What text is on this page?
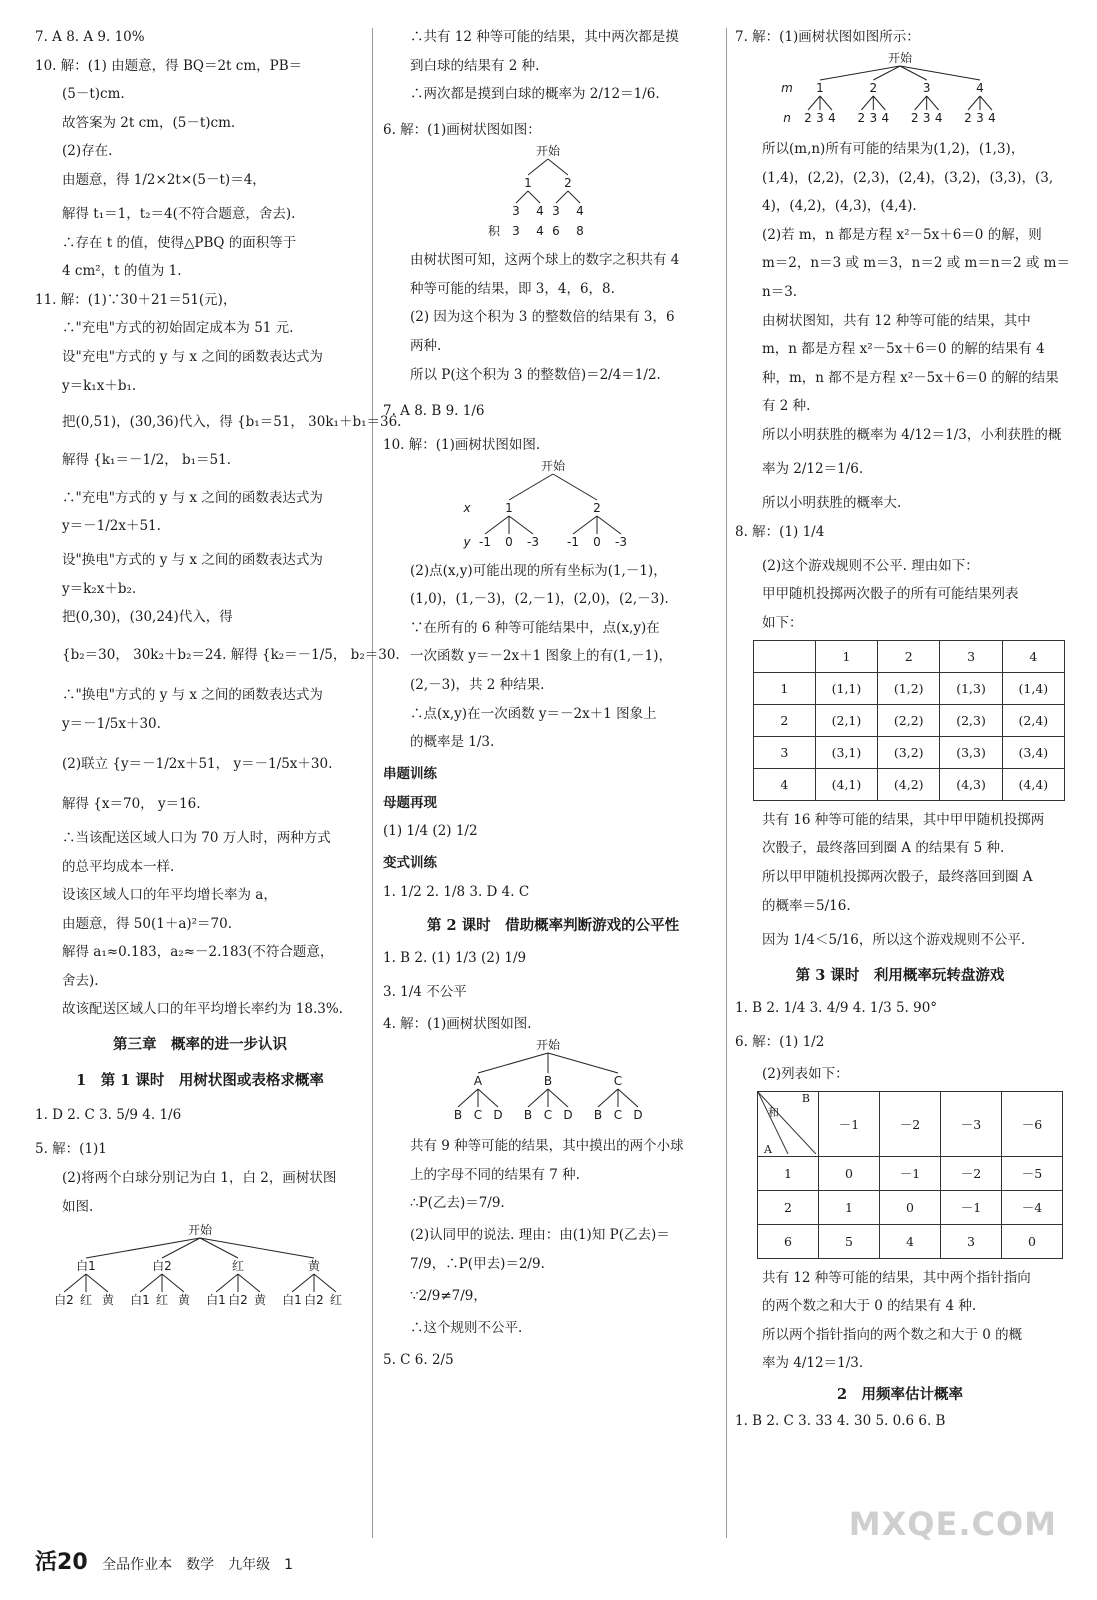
7. A 8. A 9. 10%
10. 解：(1) 由题意，得 BQ＝2t cm，PB＝
(5－t)cm.
故答案为 2t cm，(5－t)cm.
(2)存在.
由题意，得 1/2×2t×(5－t)＝4，
解得 t₁＝1，t₂＝4(不符合题意，舍去).
∴存在 t 的值，使得△PBQ 的面积等于
4 cm²，t 的值为 1.
11. 解：(1)∵30＋21＝51(元)，
∴"充电"方式的初始固定成本为 51 元.
设"充电"方式的 y 与 x 之间的函数表达式为
y＝k₁x＋b₁.
把(0,51)，(30,36)代入，得 {b₁＝51， 30k₁＋b₁＝36.
解得 {k₁＝－1/2， b₁＝51.
∴"充电"方式的 y 与 x 之间的函数表达式为
y＝－1/2x＋51.
设"换电"方式的 y 与 x 之间的函数表达式为
y＝k₂x＋b₂.
把(0,30)，(30,24)代入，得
{b₂＝30， 30k₂＋b₂＝24. 解得 {k₂＝－1/5， b₂＝30.
∴"换电"方式的 y 与 x 之间的函数表达式为
y＝－1/5x＋30.
(2)联立 {y＝－1/2x＋51， y＝－1/5x＋30.
解得 {x＝70， y＝16.
∴当该配送区域人口为 70 万人时，两种方式
的总平均成本一样.
设该区域人口的年平均增长率为 a，
由题意，得 50(1＋a)²＝70.
解得 a₁≈0.183，a₂≈－2.183(不符合题意，
舍去).
故该配送区域人口的年平均增长率约为 18.3%.
第三章　概率的进一步认识
1　第 1 课时　用树状图或表格求概率
1. D 2. C 3. 5/9 4. 1/6
5. 解：(1)1
(2)将两个白球分别记为白 1，白 2，画树状图
如图.
开始
白1
白2 红 黄
白2
白1 红 黄
红
白1 白2 黄
黄
白1 白2 红
∴共有 12 种等可能的结果，其中两次都是摸
到白球的结果有 2 种.
∴两次都是摸到白球的概率为 2/12＝1/6.
6. 解：(1)画树状图如图：
开始
1
3 4
2
3 4
积 3 4 6 8
由树状图可知，这两个球上的数字之积共有 4
种等可能的结果，即 3，4，6，8.
(2) 因为这个积为 3 的整数倍的结果有 3，6
两种.
所以 P(这个积为 3 的整数倍)＝2/4＝1/2.
7. A 8. B 9. 1/6
10. 解：(1)画树状图如图.
开始
1
-1 0 -3
2
-1 0 -3
x
y
(2)点(x,y)可能出现的所有坐标为(1,－1)，
(1,0)，(1,－3)，(2,－1)，(2,0)，(2,－3).
∵在所有的 6 种等可能结果中，点(x,y)在
一次函数 y＝－2x＋1 图象上的有(1,－1)，
(2,－3)，共 2 种结果.
∴点(x,y)在一次函数 y＝－2x＋1 图象上
的概率是 1/3.
串题训练
母题再现
(1) 1/4 (2) 1/2
变式训练
1. 1/2 2. 1/8 3. D 4. C
第 2 课时　借助概率判断游戏的公平性
1. B 2. (1) 1/3 (2) 1/9
3. 1/4 不公平
4. 解：(1)画树状图如图.
开始
A
B C D
B
B C D
C
B C D
共有 9 种等可能的结果，其中摸出的两个小球
上的字母不同的结果有 7 种.
∴P(乙去)＝7/9.
(2)认同甲的说法. 理由：由(1)知 P(乙去)＝
7/9，∴P(甲去)＝2/9.
∵2/9≠7/9，
∴这个规则不公平.
5. C 6. 2/5
7. 解：(1)画树状图如图所示：
开始
1
2 3 4
2
2 3 4
3
2 3 4
4
2 3 4
m
n
所以(m,n)所有可能的结果为(1,2)，(1,3)，
(1,4)，(2,2)，(2,3)，(2,4)，(3,2)，(3,3)，(3,
4)，(4,2)，(4,3)，(4,4).
(2)若 m，n 都是方程 x²－5x＋6＝0 的解，则
m＝2，n＝3 或 m＝3，n＝2 或 m＝n＝2 或 m＝
n＝3.
由树状图知，共有 12 种等可能的结果，其中
m，n 都是方程 x²－5x＋6＝0 的解的结果有 4
种，m，n 都不是方程 x²－5x＋6＝0 的解的结果
有 2 种.
所以小明获胜的概率为 4/12＝1/3，小利获胜的概
率为 2/12＝1/6.
所以小明获胜的概率大.
8. 解：(1) 1/4
(2)这个游戏规则不公平. 理由如下：
甲甲随机投掷两次骰子的所有可能结果列表
如下：
	1	2	3	4
1	(1,1)	(1,2)	(1,3)	(1,4)
2	(2,1)	(2,2)	(2,3)	(2,4)
3	(3,1)	(3,2)	(3,3)	(3,4)
4	(4,1)	(4,2)	(4,3)	(4,4)
共有 16 种等可能的结果，其中甲甲随机投掷两
次骰子，最终落回到圈 A 的结果有 5 种.
所以甲甲随机投掷两次骰子，最终落回到圈 A
的概率＝5/16.
因为 1/4＜5/16，所以这个游戏规则不公平.
第 3 课时　利用概率玩转盘游戏
1. B 2. 1/4 3. 4/9 4. 1/3 5. 90°
6. 解：(1) 1/2
(2)列表如下：
B
和
A	－1	－2	－3	－6
1	0	－1	－2	－5
2	1	0	－1	－4
6	5	4	3	0
共有 12 种等可能的结果，其中两个指针指向
的两个数之和大于 0 的结果有 4 种.
所以两个指针指向的两个数之和大于 0 的概
率为 4/12＝1/3.
2　用频率估计概率
1. B 2. C 3. 33 4. 30 5. 0.6 6. B
活20 全品作业本　数学　九年级　1
MXQE.COM
